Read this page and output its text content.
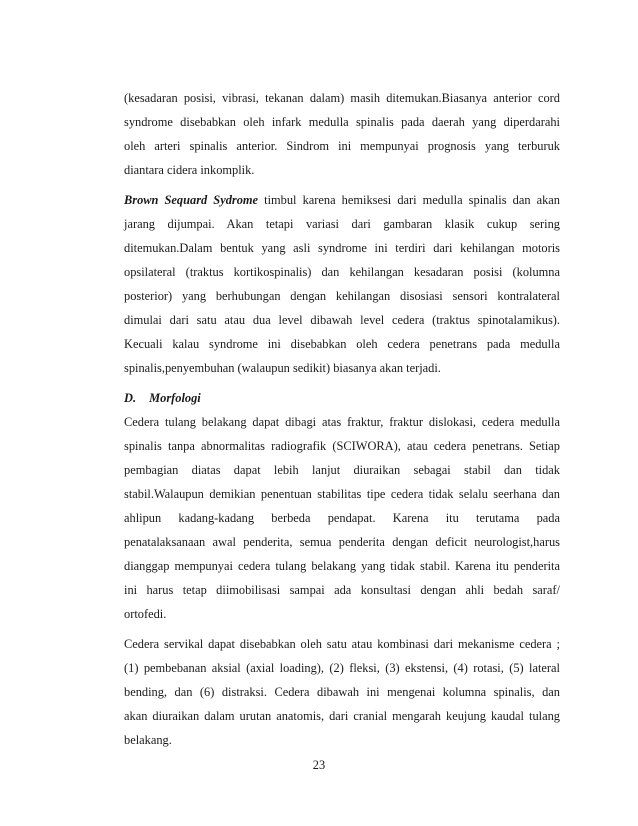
(kesadaran posisi, vibrasi, tekanan dalam) masih ditemukan.Biasanya anterior cord
syndrome disebabkan oleh infark medulla spinalis pada daerah yang diperdarahi
oleh arteri spinalis anterior. Sindrom ini mempunyai prognosis yang terburuk
diantara cidera inkomplik.
Brown Sequard Sydrome timbul karena hemiksesi dari medulla spinalis dan akan
jarang dijumpai. Akan tetapi variasi dari gambaran klasik cukup sering
ditemukan.Dalam bentuk yang asli syndrome ini terdiri dari kehilangan motoris
opsilateral (traktus kortikospinalis) dan kehilangan kesadaran posisi (kolumna
posterior) yang berhubungan dengan kehilangan disosiasi sensori kontralateral
dimulai dari satu atau dua level dibawah level cedera (traktus spinotalamikus).
Kecuali kalau syndrome ini disebabkan oleh cedera penetrans pada medulla
spinalis,penyembuhan (walaupun sedikit) biasanya akan terjadi.
D. Morfologi
Cedera tulang belakang dapat dibagi atas fraktur, fraktur dislokasi, cedera medulla
spinalis tanpa abnormalitas radiografik (SCIWORA), atau cedera penetrans. Setiap
pembagian diatas dapat lebih lanjut diuraikan sebagai stabil dan tidak
stabil.Walaupun demikian penentuan stabilitas tipe cedera tidak selalu seerhana dan
ahlipun kadang-kadang berbeda pendapat. Karena itu terutama pada
penatalaksanaan awal penderita, semua penderita dengan deficit neurologist,harus
dianggap mempunyai cedera tulang belakang yang tidak stabil. Karena itu penderita
ini harus tetap diimobilisasi sampai ada konsultasi dengan ahli bedah saraf/
ortofedi.
Cedera servikal dapat disebabkan oleh satu atau kombinasi dari mekanisme cedera ;
(1) pembebanan aksial (axial loading), (2) fleksi, (3) ekstensi, (4) rotasi, (5) lateral
bending, dan (6) distraksi. Cedera dibawah ini mengenai kolumna spinalis, dan
akan diuraikan dalam urutan anatomis, dari cranial mengarah keujung kaudal tulang
belakang.
23
